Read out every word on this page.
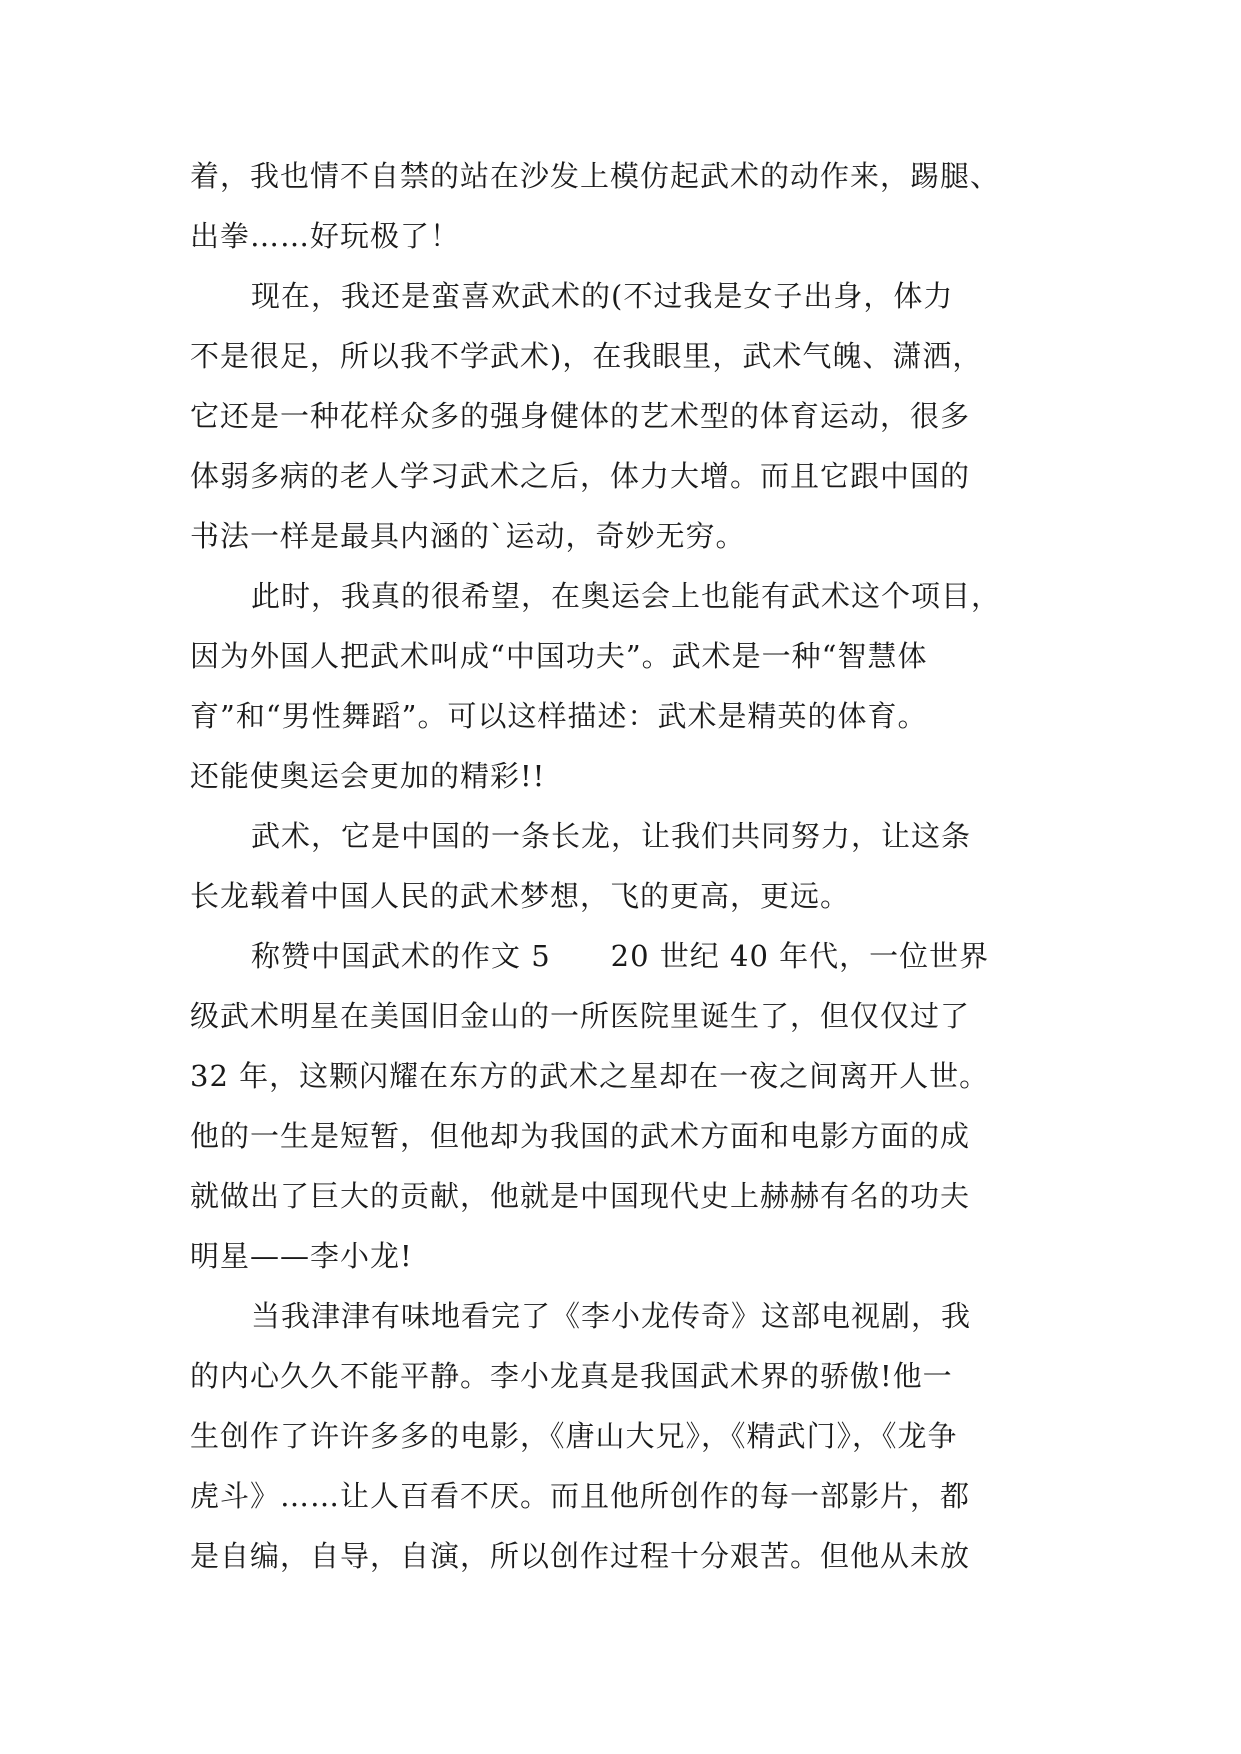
着，我也情不自禁的站在沙发上模仿起武术的动作来，踢腿、
出拳……好玩极了！
现在，我还是蛮喜欢武术的(不过我是女子出身，体力
不是很足，所以我不学武术)，在我眼里，武术气魄、潇洒，
它还是一种花样众多的强身健体的艺术型的体育运动，很多
体弱多病的老人学习武术之后，体力大增。而且它跟中国的
书法一样是最具内涵的`运动，奇妙无穷。
此时，我真的很希望，在奥运会上也能有武术这个项目，
因为外国人把武术叫成“中国功夫”。武术是一种“智慧体
育”和“男性舞蹈”。可以这样描述：武术是精英的体育。
还能使奥运会更加的精彩!!
武术，它是中国的一条长龙，让我们共同努力，让这条
长龙载着中国人民的武术梦想，飞的更高，更远。
称赞中国武术的作文 5　　20 世纪 40 年代，一位世界
级武术明星在美国旧金山的一所医院里诞生了，但仅仅过了
32 年，这颗闪耀在东方的武术之星却在一夜之间离开人世。
他的一生是短暂，但他却为我国的武术方面和电影方面的成
就做出了巨大的贡献，他就是中国现代史上赫赫有名的功夫
明星——李小龙!
当我津津有味地看完了《李小龙传奇》这部电视剧，我
的内心久久不能平静。李小龙真是我国武术界的骄傲!他一
生创作了许许多多的电影，《唐山大兄》，《精武门》，《龙争
虎斗》……让人百看不厌。而且他所创作的每一部影片，都
是自编，自导，自演，所以创作过程十分艰苦。但他从未放
